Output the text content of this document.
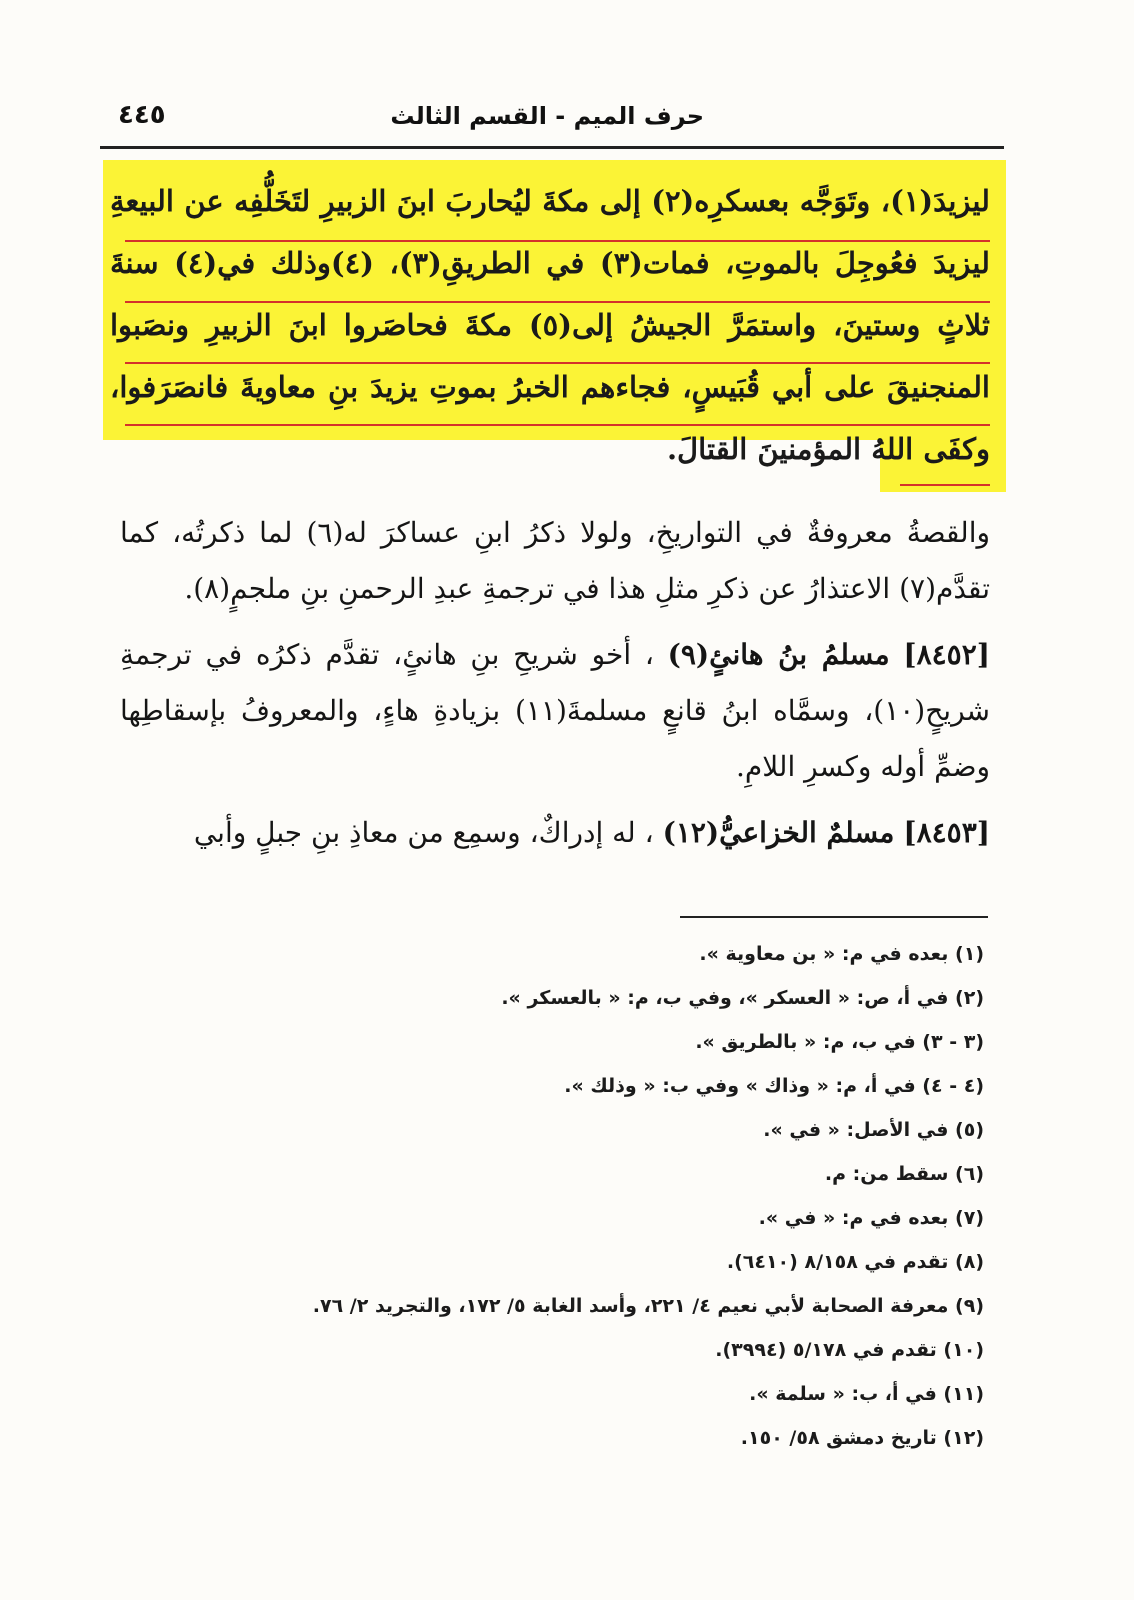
حرف الميم - القسم الثالث
٤٤٥

ليزيدَ(١)، وتَوَجَّه بعسكرِه(٢) إلى مكةَ ليُحاربَ ابنَ الزبيرِ لتَخَلُّفِه عن البيعةِ ليزيدَ فعُوجِلَ بالموتِ، فمات(٣) في الطريقِ(٣)، (٤)وذلك في(٤) سنةَ ثلاثٍ وستينَ، واستمَرَّ الجيشُ إلى(٥) مكةَ فحاصَروا ابنَ الزبيرِ ونصَبوا المنجنيقَ على أبي قُبَيسٍ، فجاءهم الخبرُ بموتِ يزيدَ بنِ معاويةَ فانصَرَفوا، وكفَى اللهُ المؤمنينَ القتالَ.

والقصةُ معروفةٌ في التواريخِ، ولولا ذكرُ ابنِ عساكرَ له(٦) لما ذكرتُه، كما تقدَّم(٧) الاعتذارُ عن ذكرِ مثلِ هذا في ترجمةِ عبدِ الرحمنِ بنِ ملجمٍ(٨).

[٨٤٥٢] مسلمُ بنُ هانئٍ(٩) ، أخو شريحِ بنِ هانئٍ، تقدَّم ذكرُه في ترجمةِ شريحٍ(١٠)، وسمَّاه ابنُ قانعٍ مسلمةَ(١١) بزيادةِ هاءٍ، والمعروفُ بإسقاطِها وضمِّ أوله وكسرِ اللامِ.

[٨٤٥٣] مسلمٌ الخزاعيُّ(١٢) ، له إدراكٌ، وسمِع من معاذِ بنِ جبلٍ وأبي

(١) بعده في م: « بن معاوية ».
(٢) في أ، ص: « العسكر »، وفي ب، م: « بالعسكر ».
(٣ - ٣) في ب، م: « بالطريق ».
(٤ - ٤) في أ، م: « وذاك » وفي ب: « وذلك ».
(٥) في الأصل: « في ».
(٦) سقط من: م.
(٧) بعده في م: « في ».
(٨) تقدم في ٨/١٥٨ (٦٤١٠).
(٩) معرفة الصحابة لأبي نعيم ٤/ ٢٢١، وأسد الغابة ٥/ ١٧٢، والتجريد ٢/ ٧٦.
(١٠) تقدم في ٥/١٧٨ (٣٩٩٤).
(١١) في أ، ب: « سلمة ».
(١٢) تاريخ دمشق ٥٨/ ١٥٠.
